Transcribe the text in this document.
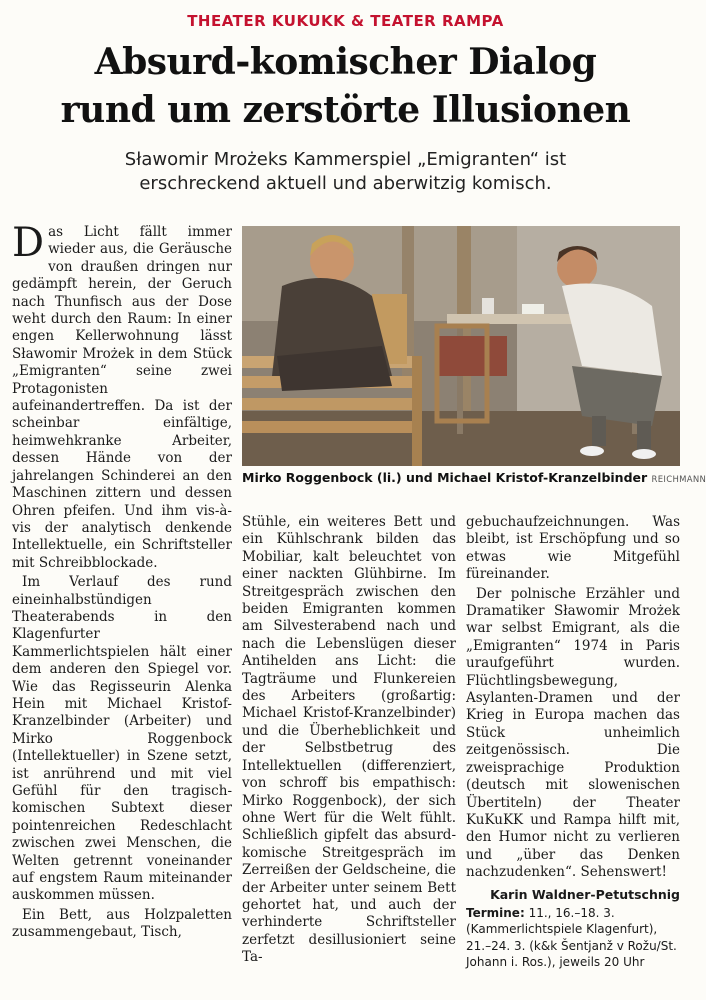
THEATER KUKUKK & TEATER RAMPA
Absurd-komischer Dialog
rund um zerstörte Illusionen
Sławomir Mrożeks Kammerspiel „Emigranten“ ist
erschreckend aktuell und aberwitzig komisch.

Das Licht fällt immer wieder aus, die Geräusche von draußen dringen nur gedämpft herein, der Geruch nach Thunfisch aus der Dose weht durch den Raum: In einer engen Kellerwohnung lässt Sławomir Mrożek in dem Stück „Emigranten“ seine zwei Protagonisten aufeinandertreffen. Da ist der scheinbar einfältige, heimwehkranke Arbeiter, dessen Hände von der jahrelangen Schinderei an den Maschinen zittern und dessen Ohren pfeifen. Und ihm vis-à-vis der analytisch denkende Intellektuelle, ein Schriftsteller mit Schreibblockade.

Im Verlauf des rund eineinhalbstündigen Theaterabends in den Klagenfurter Kammerlichtspielen hält einer dem anderen den Spiegel vor. Wie das Regisseurin Alenka Hein mit Michael Kristof-Kranzelbinder (Arbeiter) und Mirko Roggenbock (Intellektueller) in Szene setzt, ist anrührend und mit viel Gefühl für den tragisch-komischen Subtext dieser pointenreichen Redeschlacht zwischen zwei Menschen, die Welten getrennt voneinander auf engstem Raum miteinander auskommen müssen.

Ein Bett, aus Holzpaletten zusammengebaut, Tisch,

Mirko Roggenbock (li.) und Michael Kristof-Kranzelbinder REICHMANN

Stühle, ein weiteres Bett und ein Kühlschrank bilden das Mobiliar, kalt beleuchtet von einer nackten Glühbirne. Im Streitgespräch zwischen den beiden Emigranten kommen am Silvesterabend nach und nach die Lebenslügen dieser Antihelden ans Licht: die Tagträume und Flunkereien des Arbeiters (großartig: Michael Kristof-Kranzelbinder) und die Überheblichkeit und der Selbstbetrug des Intellektuellen (differenziert, von schroff bis empathisch: Mirko Roggenbock), der sich ohne Wert für die Welt fühlt. Schließlich gipfelt das absurd-komische Streitgespräch im Zerreißen der Geldscheine, die der Arbeiter unter seinem Bett gehortet hat, und auch der verhinderte Schriftsteller zerfetzt desillusioniert seine Ta-

gebuchaufzeichnungen. Was bleibt, ist Erschöpfung und so etwas wie Mitgefühl füreinander.

Der polnische Erzähler und Dramatiker Sławomir Mrożek war selbst Emigrant, als die „Emigranten“ 1974 in Paris uraufgeführt wurden. Flüchtlingsbewegung, Asylanten-Dramen und der Krieg in Europa machen das Stück unheimlich zeitgenössisch. Die zweisprachige Produktion (deutsch mit slowenischen Übertiteln) der Theater KuKuKK und Rampa hilft mit, den Humor nicht zu verlieren und „über das Denken nachzudenken“. Sehenswert!

Karin Waldner-Petutschnig

Termine: 11., 16.–18. 3. (Kammerlichtspiele Klagenfurt), 21.–24. 3. (k&k Šentjanž v Rožu/St. Johann i. Ros.), jeweils 20 Uhr
